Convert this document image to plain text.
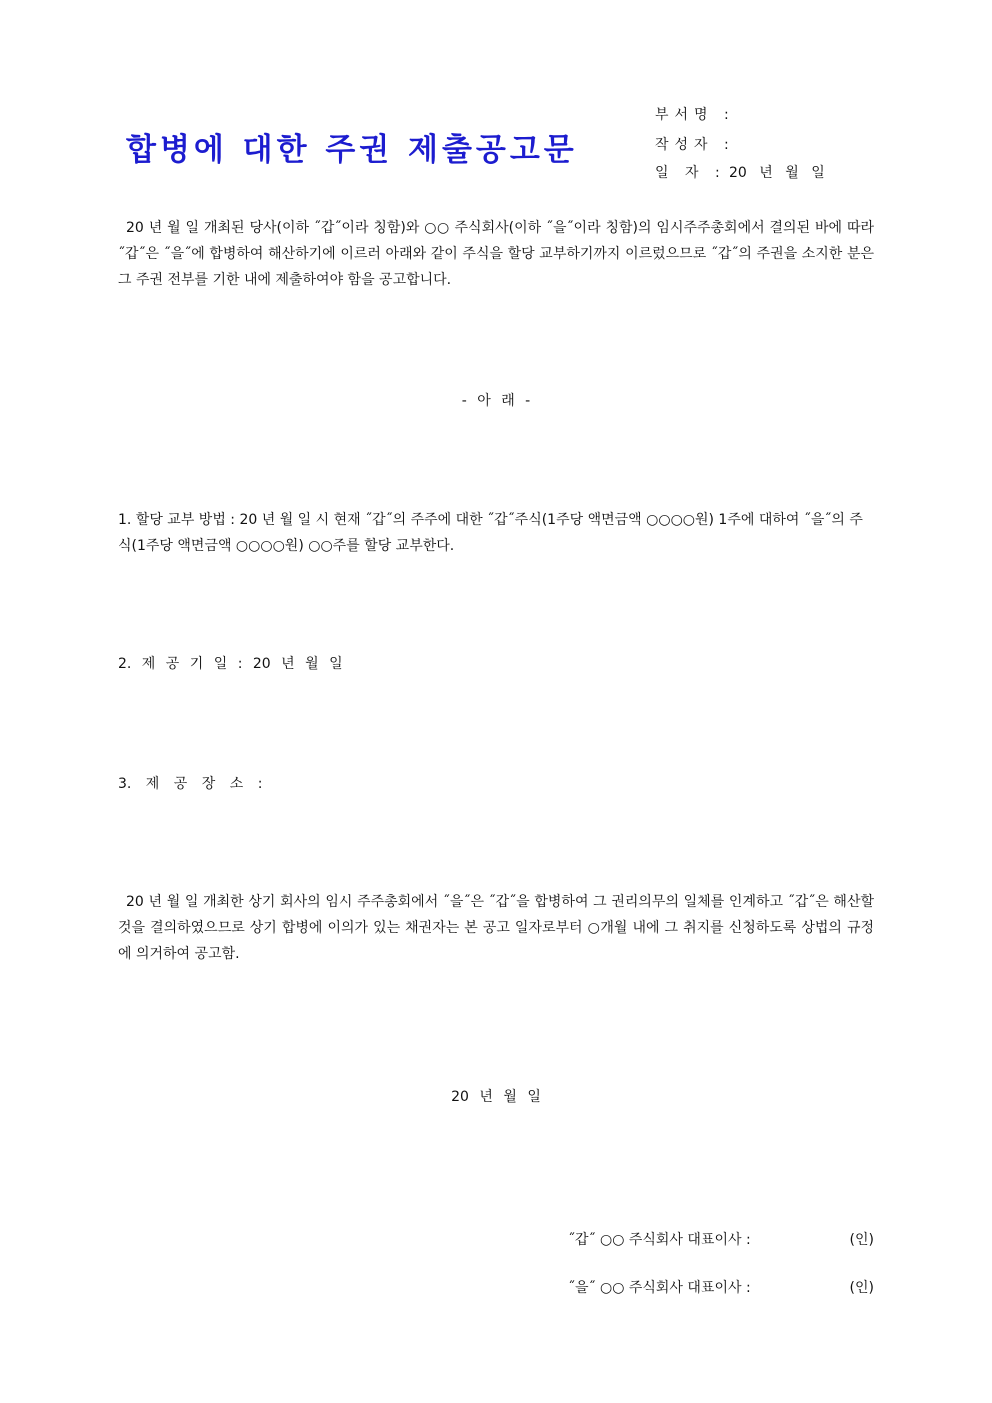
합병에 대한 주권 제출공고문
부서명 :
작성자 :
일 자 : 20 년 월 일
20 년 월 일 개최된 당사(이하 ˝갑˝이라 칭함)와 ○○ 주식회사(이하 ˝을˝이라 칭함)의 임시주주총회에서 결의된 바에 따라 ˝갑˝은 ˝을˝에 합병하여 해산하기에 이르러 아래와 같이 주식을 할당 교부하기까지 이르렀으므로 ˝갑˝의 주권을 소지한 분은 그 주권 전부를 기한 내에 제출하여야 함을 공고합니다.
- 아 래 -
1. 할당 교부 방법 : 20 년 월 일 시 현재 ˝갑˝의 주주에 대한 ˝갑˝주식(1주당 액면금액 ○○○○원) 1주에 대하여 ˝을˝의 주식(1주당 액면금액 ○○○○원) ○○주를 할당 교부한다.
2. 제 공 기 일 : 20 년 월 일
3. 제 공 장 소 :
20 년 월 일 개최한 상기 회사의 임시 주주총회에서 ˝을˝은 ˝갑˝을 합병하여 그 권리의무의 일체를 인계하고 ˝갑˝은 해산할 것을 결의하였으므로 상기 합병에 이의가 있는 채권자는 본 공고 일자로부터 ○개월 내에 그 취지를 신청하도록 상법의 규정에 의거하여 공고함.
20 년 월 일
˝갑˝ ○○ 주식회사 대표이사 :	(인)
˝을˝ ○○ 주식회사 대표이사 :	(인)
